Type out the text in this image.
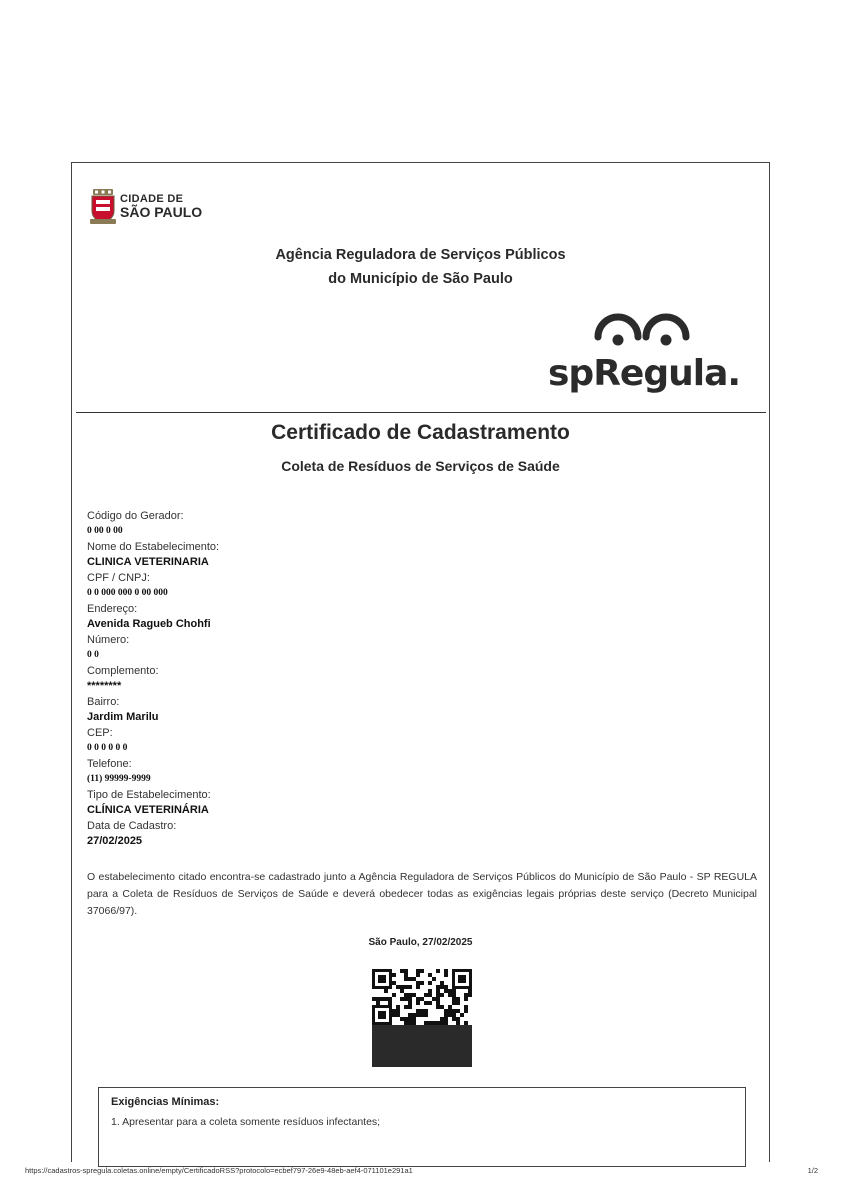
CIDADE DE
SÃO PAULO
Agência Reguladora de Serviços Públicos
do Município de São Paulo
spRegula.
Certificado de Cadastramento
Coleta de Resíduos de Serviços de Saúde
Código do Gerador:
0 00 0 00
Nome do Estabelecimento:
CLINICA VETERINARIA
CPF / CNPJ:
0 0 000 000 0 00 000
Endereço:
Avenida Ragueb Chohfi
Número:
0 0
Complemento:
********
Bairro:
Jardim Marilu
CEP:
0 0 0 0 0 0
Telefone:
(11) 99999-9999
Tipo de Estabelecimento:
CLÍNICA VETERINÁRIA
Data de Cadastro:
27/02/2025
O estabelecimento citado encontra-se cadastrado junto a Agência Reguladora de Serviços Públicos do Município de São Paulo - SP REGULA para a Coleta de Resíduos de Serviços de Saúde e deverá obedecer todas as exigências legais próprias deste serviço (Decreto Municipal 37066/97).
São Paulo, 27/02/2025
Exigências Mínimas:
1. Apresentar para a coleta somente resíduos infectantes;
https://cadastros-spregula.coletas.online/empty/CertificadoRSS?protocolo=ecbef797-26e9-48eb-aef4-071101e291a1	1/2
